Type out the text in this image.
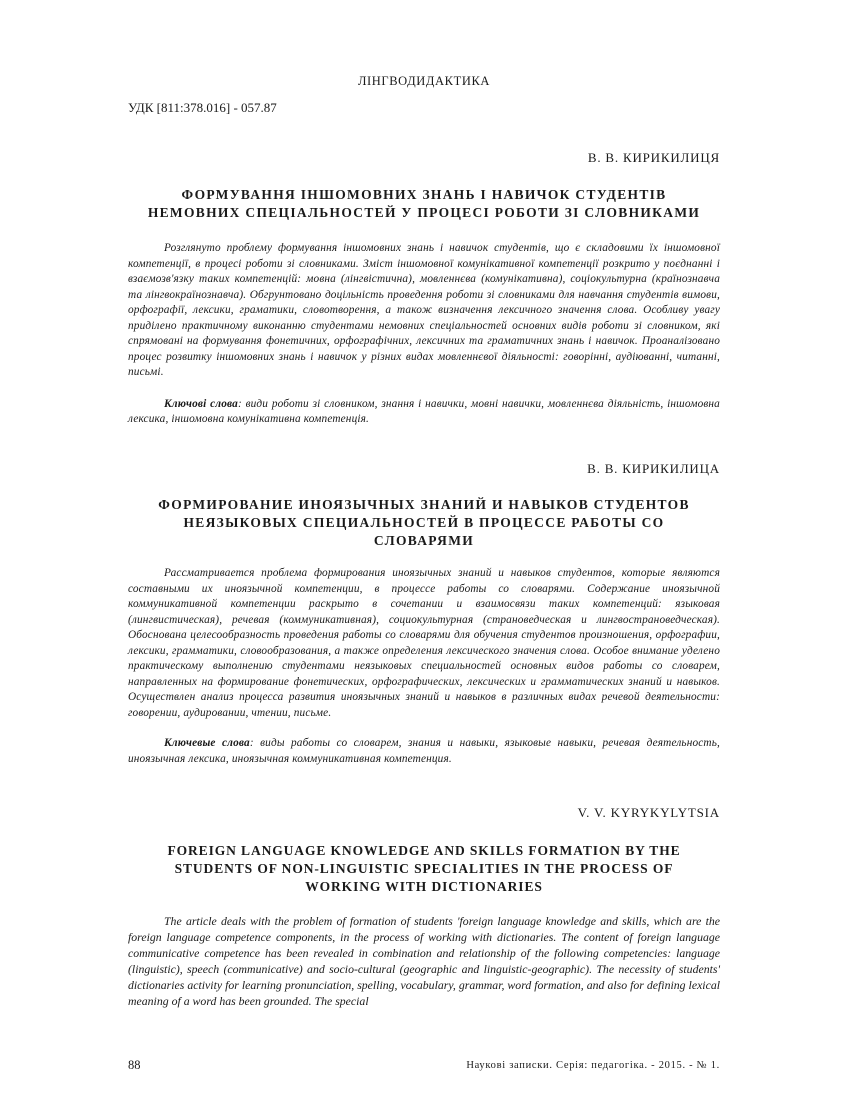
ЛІНГВОДИДАКТИКА
УДК [811:378.016] - 057.87
В. В. КИРИКИЛИЦЯ

ФОРМУВАННЯ ІНШОМОВНИХ ЗНАНЬ І НАВИЧОК СТУДЕНТІВ
НЕМОВНИХ СПЕЦІАЛЬНОСТЕЙ У ПРОЦЕСІ РОБОТИ ЗІ СЛОВНИКАМИ

Розглянуто проблему формування іншомовних знань і навичок студентів, що є складовими їх іншомовної компетенції, в процесі роботи зі словниками. Зміст іншомовної комунікативної компетенції розкрито у поєднанні і взаємозв'язку таких компетенцій: мовна (лінгвістична), мовленнєва (комунікативна), соціокультурна (країнознавча та лінгвокраїнознавча). Обгрунтовано доцільність проведення роботи зі словниками для навчання студентів вимови, орфографії, лексики, граматики, словотворення, а також визначення лексичного значення слова. Особливу увагу приділено практичному виконанню студентами немовних спеціальностей основних видів роботи зі словником, які спрямовані на формування фонетичних, орфографічних, лексичних та граматичних знань і навичок. Проаналізовано процес розвитку іншомовних знань і навичок у різних видах мовленнєвої діяльності: говорінні, аудіюванні, читанні, письмі.

Ключові слова: види роботи зі словником, знання і навички, мовні навички, мовленнєва діяльність, іншомовна лексика, іншомовна комунікативна компетенція.

В. В. КИРИКИЛИЦА

ФОРМИРОВАНИЕ ИНОЯЗЫЧНЫХ ЗНАНИЙ И НАВЫКОВ СТУДЕНТОВ
НЕЯЗЫКОВЫХ СПЕЦИАЛЬНОСТЕЙ В ПРОЦЕССЕ РАБОТЫ СО
СЛОВАРЯМИ

Рассматривается проблема формирования иноязычных знаний и навыков студентов, которые являются составными их иноязычной компетенции, в процессе работы со словарями. Содержание иноязычной коммуникативной компетенции раскрыто в сочетании и взаимосвязи таких компетенций: языковая (лингвистическая), речевая (коммуникативная), социокультурная (страноведческая и лингвострановедческая). Обоснована целесообразность проведения работы со словарями для обучения студентов произношения, орфографии, лексики, грамматики, словообразования, а также определения лексического значения слова. Особое внимание уделено практическому выполнению студентами неязыковых специальностей основных видов работы со словарем, направленных на формирование фонетических, орфографических, лексических и грамматических знаний и навыков. Осуществлен анализ процесса развития иноязычных знаний и навыков в различных видах речевой деятельности: говорении, аудировании, чтении, письме.

Ключевые слова: виды работы со словарем, знания и навыки, языковые навыки, речевая деятельность, иноязычная лексика, иноязычная коммуникативная компетенция.

V. V. KYRYKYLYTSIA

FOREIGN LANGUAGE KNOWLEDGE AND SKILLS FORMATION BY THE
STUDENTS OF NON-LINGUISTIC SPECIALITIES IN THE PROCESS OF
WORKING WITH DICTIONARIES

The article deals with the problem of formation of students 'foreign language knowledge and skills, which are the foreign language competence components, in the process of working with dictionaries. The content of foreign language communicative competence has been revealed in combination and relationship of the following competencies: language (linguistic), speech (communicative) and socio-cultural (geographic and linguistic-geographic). The necessity of students' dictionaries activity for learning pronunciation, spelling, vocabulary, grammar, word formation, and also for defining lexical meaning of a word has been grounded. The special

88	Наукові записки. Серія: педагогіка. - 2015. - № 1.
